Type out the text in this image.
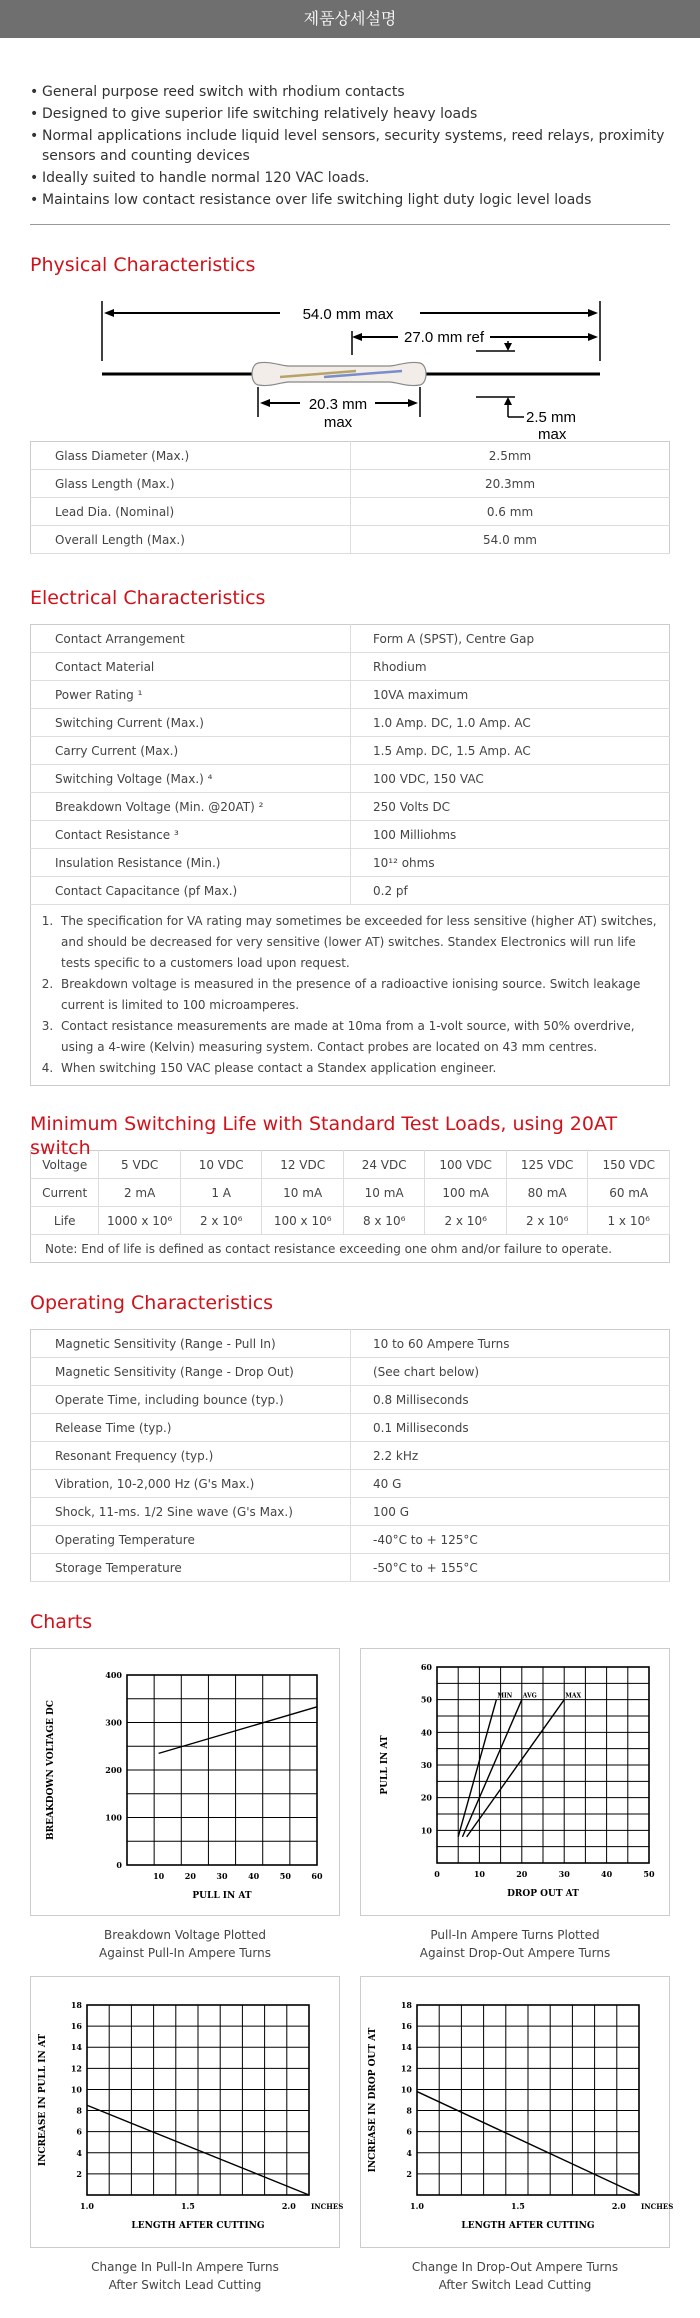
제품상세설명
• General purpose reed switch with rhodium contacts
• Designed to give superior life switching relatively heavy loads
• Normal applications include liquid level sensors, security systems, reed relays, proximity sensors and counting devices
• Ideally suited to handle normal 120 VAC loads.
• Maintains low contact resistance over life switching light duty logic level loads
Physical Characteristics
54.0 mm max
27.0 mm ref
2.5 mm
max
20.3 mm
max
Glass Diameter (Max.)	2.5mm
Glass Length (Max.)	20.3mm
Lead Dia. (Nominal)	0.6 mm
Overall Length (Max.)	54.0 mm
Electrical Characteristics
Contact Arrangement	Form A (SPST), Centre Gap
Contact Material	Rhodium
Power Rating ¹	10VA maximum
Switching Current (Max.)	1.0 Amp. DC, 1.0 Amp. AC
Carry Current (Max.)	1.5 Amp. DC, 1.5 Amp. AC
Switching Voltage (Max.) ⁴	100 VDC, 150 VAC
Breakdown Voltage (Min. @20AT) ²	250 Volts DC
Contact Resistance ³	100 Milliohms
Insulation Resistance (Min.)	10¹² ohms
Contact Capacitance (pf Max.)	0.2 pf
1. The specification for VA rating may sometimes be exceeded for less sensitive (higher AT) switches, and should be decreased for very sensitive (lower AT) switches. Standex Electronics will run life tests specific to a customers load upon request.
2. Breakdown voltage is measured in the presence of a radioactive ionising source. Switch leakage current is limited to 100 microamperes.
3. Contact resistance measurements are made at 10ma from a 1-volt source, with 50% overdrive, using a 4-wire (Kelvin) measuring system. Contact probes are located on 43 mm centres.
4. When switching 150 VAC please contact a Standex application engineer.
Minimum Switching Life with Standard Test Loads, using 20AT switch
Voltage	5 VDC	10 VDC	12 VDC	24 VDC	100 VDC	125 VDC	150 VDC
Current	2 mA	1 A	10 mA	10 mA	100 mA	80 mA	60 mA
Life	1000 x 10⁶	2 x 10⁶	100 x 10⁶	8 x 10⁶	2 x 10⁶	2 x 10⁶	1 x 10⁶
Note: End of life is defined as contact resistance exceeding one ohm and/or failure to operate.
Operating Characteristics
Magnetic Sensitivity (Range - Pull In)	10 to 60 Ampere Turns
Magnetic Sensitivity (Range - Drop Out)	(See chart below)
Operate Time, including bounce (typ.)	0.8 Milliseconds
Release Time (typ.)	0.1 Milliseconds
Resonant Frequency (typ.)	2.2 kHz
Vibration, 10-2,000 Hz (G's Max.)	40 G
Shock, 11-ms. 1/2 Sine wave (G's Max.)	100 G
Operating Temperature	-40°C to + 125°C
Storage Temperature	-50°C to + 155°C
Charts
100
200
300
400
0
10	20	30	40	50	60
PULL IN AT
BREAKDOWN VOLTAGE DC
Breakdown Voltage Plotted
Against Pull-In Ampere Turns
10
20
30
40
50
60
0	10	20	30	40	50
DROP OUT AT
PULL IN AT
MIN AVG	MAX
Pull-In Ampere Turns Plotted
Against Drop-Out Ampere Turns
2
4
6
8
10
12
14
16
18
1.0	1.5	2.0 INCHES
LENGTH AFTER CUTTING
INCREASE IN PULL IN AT
Change In Pull-In Ampere Turns
After Switch Lead Cutting
2
4
6
8
10
12
14
16
18
1.0	1.5	2.0 INCHES
LENGTH AFTER CUTTING
INCREASE IN DROP OUT AT
Change In Drop-Out Ampere Turns
After Switch Lead Cutting
